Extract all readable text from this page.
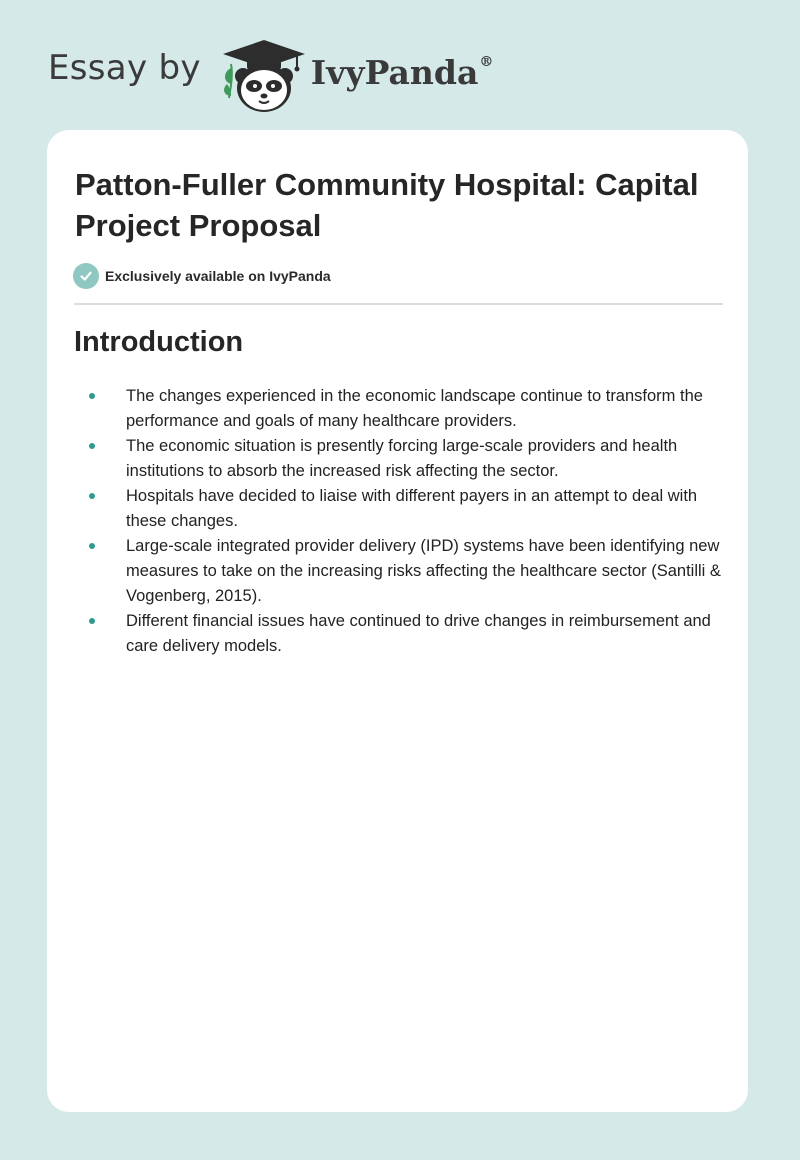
Essay by	IvyPanda®
Patton-Fuller Community Hospital: Capital Project Proposal
Exclusively available on IvyPanda
Introduction
The changes experienced in the economic landscape continue to transform the performance and goals of many healthcare providers.
The economic situation is presently forcing large-scale providers and health institutions to absorb the increased risk affecting the sector.
Hospitals have decided to liaise with different payers in an attempt to deal with these changes.
Large-scale integrated provider delivery (IPD) systems have been identifying new measures to take on the increasing risks affecting the healthcare sector (Santilli & Vogenberg, 2015).
Different financial issues have continued to drive changes in reimbursement and care delivery models.
